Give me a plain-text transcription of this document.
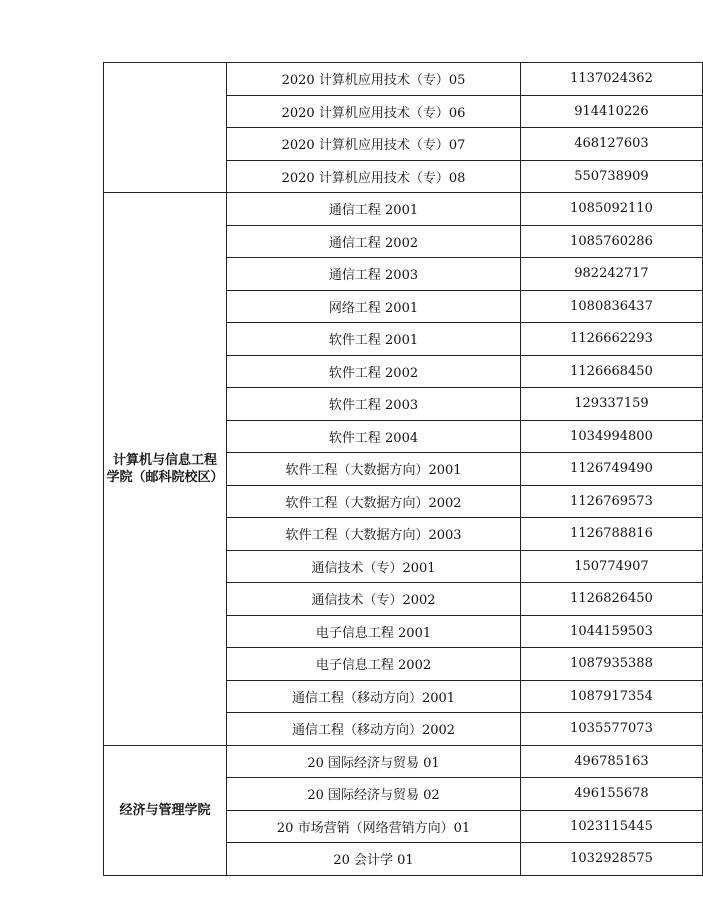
	2020 计算机应用技术（专）05	1137024362
	2020 计算机应用技术（专）06	914410226
	2020 计算机应用技术（专）07	468127603
	2020 计算机应用技术（专）08	550738909

计算机与信息工程
学院（邮科院校区）	通信工程 2001	1085092110
	通信工程 2002	1085760286
	通信工程 2003	982242717
	网络工程 2001	1080836437
	软件工程 2001	1126662293
	软件工程 2002	1126668450
	软件工程 2003	129337159
	软件工程 2004	1034994800
	软件工程（大数据方向）2001	1126749490
	软件工程（大数据方向）2002	1126769573
	软件工程（大数据方向）2003	1126788816
	通信技术（专）2001	150774907
	通信技术（专）2002	1126826450
	电子信息工程 2001	1044159503
	电子信息工程 2002	1087935388
	通信工程（移动方向）2001	1087917354
	通信工程（移动方向）2002	1035577073

经济与管理学院	20 国际经济与贸易 01	496785163
	20 国际经济与贸易 02	496155678
	20 市场营销（网络营销方向）01	1023115445
	20 会计学 01	1032928575
